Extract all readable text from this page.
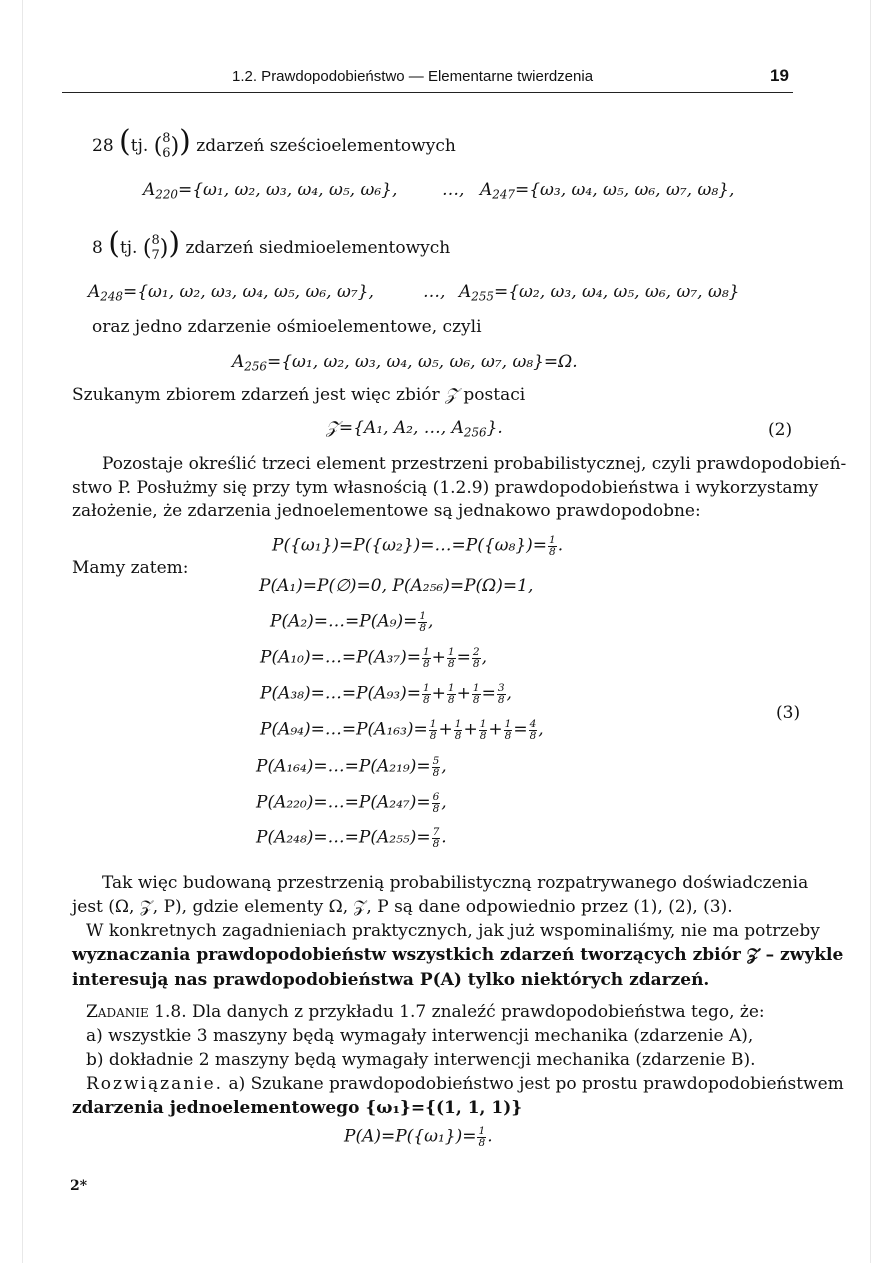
1.2. Prawdopodobieństwo — Elementarne twierdzenia	19
28 (tj. ( 8
6 )) zdarzeń sześcioelementowych
$A_{220}=\{\omega_1$, ω₂, ω₃, ω₄, ω₅, ω₆},	…, $A_{247}=\{\omega_3$, ω₄, ω₅, ω₆, ω₇, ω₈},
8 (tj. ( 8
7 )) zdarzeń siedmioelementowych
$A_{248}=\{\omega_1$, ω₂, ω₃, ω₄, ω₅, ω₆, ω₇},	…, $A_{255}=\{\omega_2$, ω₃, ω₄, ω₅, ω₆, ω₇, ω₈}
oraz jedno zdarzenie ośmioelementowe, czyli
$A_{256}=\{\omega_1$, ω₂, ω₃, ω₄, ω₅, ω₆, ω₇, ω₈}=Ω.
Szukanym zbiorem zdarzeń jest więc zbiór 𝒵 postaci
𝒵={A₁, A₂, …, $A_{256}$}.	(2)
Pozostaje określić trzeci element przestrzeni probabilistycznej, czyli prawdopodobień-
stwo P. Posłużmy się przy tym własnością (1.2.9) prawdopodobieństwa i wykorzystamy
założenie, że zdarzenia jednoelementowe są jednakowo prawdopodobne:
P({ω₁})=P({ω₂})=…=P({ω₈})= $\frac{1}{8}$ .
Mamy zatem:
P(A₁)=P(∅)=0, P(A₂₅₆)=P(Ω)=1,
P(A₂)=…=P(A₉)= $\frac{1}{8}$ ,
P(A₁₀)=…=P(A₃₇)= $\frac{1}{8} + \frac{1}{8} = \frac{2}{8}$ ,
P(A₃₈)=…=P(A₉₃)= $\frac{1}{8} + \frac{1}{8} + \frac{1}{8} = \frac{3}{8}$ ,
(3)
P(A₉₄)=…=P(A₁₆₃)= $\frac{1}{8} + \frac{1}{8} + \frac{1}{8} + \frac{1}{8} = \frac{4}{8}$ ,
P(A₁₆₄)=…=P(A₂₁₉)= $\frac{5}{8}$ ,
P(A₂₂₀)=…=P(A₂₄₇)= $\frac{6}{8}$ ,
P(A₂₄₈)=…=P(A₂₅₅)= $\frac{7}{8}$ .
Tak więc budowaną przestrzenią probabilistyczną rozpatrywanego doświadczenia
jest (Ω, 𝒵, P), gdzie elementy Ω, 𝒵, P są dane odpowiednio przez (1), (2), (3).
W konkretnych zagadnieniach praktycznych, jak już wspominaliśmy, nie ma potrzeby
wyznaczania prawdopodobieństw wszystkich zdarzeń tworzących zbiór 𝒵 – zwykle
interesują nas prawdopodobieństwa P(A) tylko niektórych zdarzeń.
Zadanie 1.8. Dla danych z przykładu 1.7 znaleźć prawdopodobieństwa tego, że:
a) wszystkie 3 maszyny będą wymagały interwencji mechanika (zdarzenie A),
b) dokładnie 2 maszyny będą wymagały interwencji mechanika (zdarzenie B).
Rozwiązanie. a) Szukane prawdopodobieństwo jest po prostu prawdopodobieństwem
zdarzenia jednoelementowego {ω₁}={(1, 1, 1)}
$P(A)=P(\{\omega_1\})= \frac{1}{8}$ .
2*
